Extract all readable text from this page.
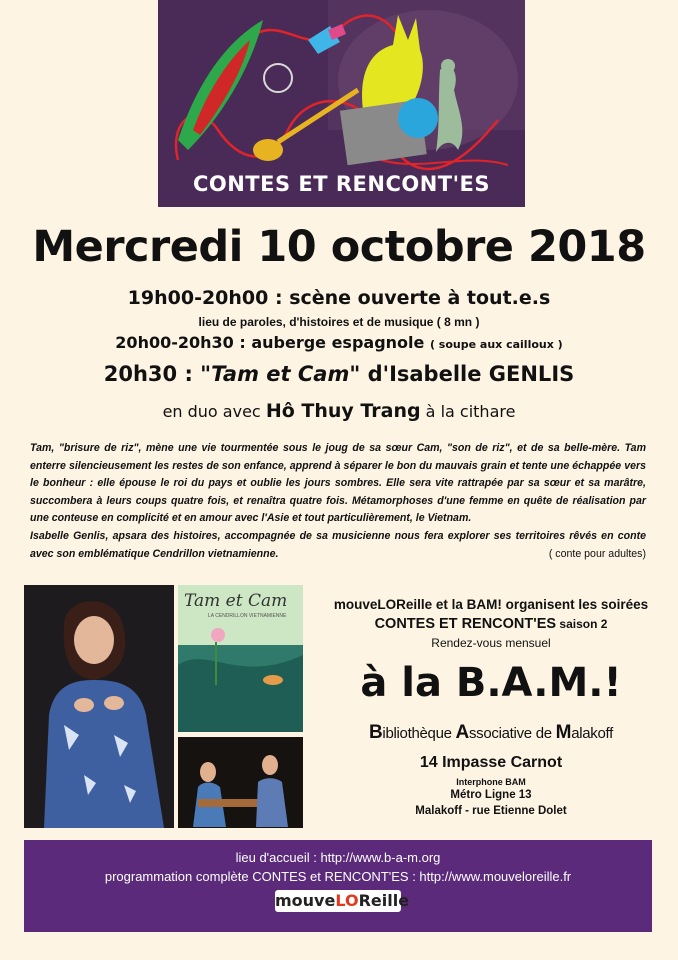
CONTES ET RENCONT'ES
Mercredi 10 octobre 2018
19h00-20h00 : scène ouverte à tout.e.s
lieu de paroles, d'histoires et de musique ( 8 mn )
20h00-20h30 : auberge espagnole ( soupe aux cailloux )
20h30 : "Tam et Cam" d'Isabelle GENLIS
en duo avec Hô Thuy Trang à la cithare
Tam, "brisure de riz", mène une vie tourmentée sous le joug de sa sœur Cam, "son de riz", et de sa belle-mère. Tam enterre silencieusement les restes de son enfance, apprend à séparer le bon du mauvais grain et tente une échappée vers le bonheur : elle épouse le roi du pays et oublie les jours sombres. Elle sera vite rattrapée par sa sœur et sa marâtre, succombera à leurs coups quatre fois, et renaîtra quatre fois. Métamorphoses d'une femme en quête de réalisation par une conteuse en complicité et en amour avec l'Asie et tout particulièrement, le Vietnam.
Isabelle Genlis, apsara des histoires, accompagnée de sa musicienne nous fera explorer ses territoires rêvés en conte avec son emblématique Cendrillon vietnamienne.	( conte pour adultes)
Tam et Cam
LA CENDRILLON VIETNAMIENNE
mouveLOReille et la BAM! organisent les soirées
CONTES ET RENCONT'ES saison 2
Rendez-vous mensuel
à la B.A.M.!
Bibliothèque Associative de Malakoff
14 Impasse Carnot
Interphone BAM
Métro Ligne 13
Malakoff - rue Etienne Dolet
lieu d'accueil : http://www.b-a-m.org
programmation complète CONTES et RENCONT'ES : http://www.mouveloreille.fr
mouveLOReille
